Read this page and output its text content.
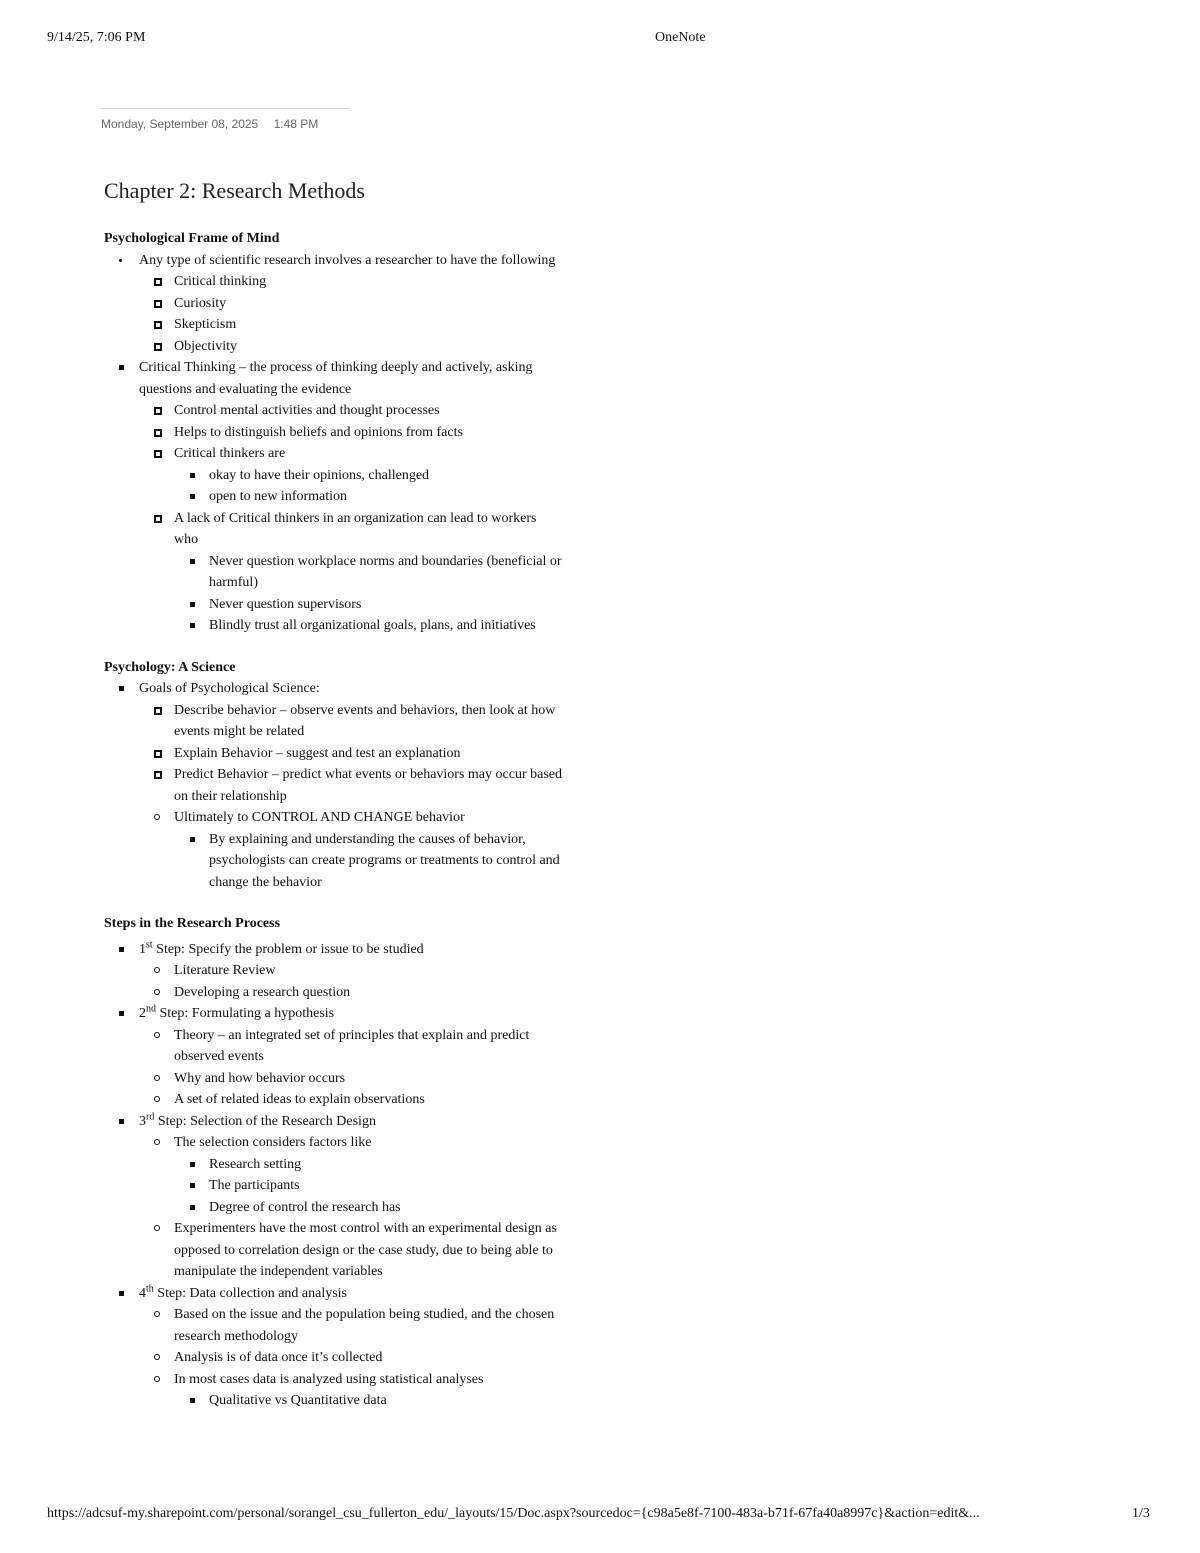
9/14/25, 7:06 PM	OneNote
Monday, September 08, 2025 1:48 PM
Chapter 2: Research Methods

Psychological Frame of Mind

Any type of scientific research involves a researcher to have the following
Critical thinking
Curiosity
Skepticism
Objectivity
Critical Thinking – the process of thinking deeply and actively, asking questions and evaluating the evidence
Control mental activities and thought processes
Helps to distinguish beliefs and opinions from facts
Critical thinkers are
okay to have their opinions, challenged
open to new information
A lack of Critical thinkers in an organization can lead to workers who
Never question workplace norms and boundaries (beneficial or harmful)
Never question supervisors
Blindly trust all organizational goals, plans, and initiatives

Psychology: A Science

Goals of Psychological Science:
Describe behavior – observe events and behaviors, then look at how events might be related
Explain Behavior – suggest and test an explanation
Predict Behavior – predict what events or behaviors may occur based on their relationship
Ultimately to CONTROL AND CHANGE behavior
By explaining and understanding the causes of behavior, psychologists can create programs or treatments to control and change the behavior

Steps in the Research Process

1st Step: Specify the problem or issue to be studied
Literature Review
Developing a research question
2nd Step: Formulating a hypothesis
Theory – an integrated set of principles that explain and predict observed events
Why and how behavior occurs
A set of related ideas to explain observations
3rd Step: Selection of the Research Design
The selection considers factors like
Research setting
The participants
Degree of control the research has
Experimenters have the most control with an experimental design as opposed to correlation design or the case study, due to being able to manipulate the independent variables
4th Step: Data collection and analysis
Based on the issue and the population being studied, and the chosen research methodology
Analysis is of data once it’s collected
In most cases data is analyzed using statistical analyses
Qualitative vs Quantitative data
https://adcsuf-my.sharepoint.com/personal/sorangel_csu_fullerton_edu/_layouts/15/Doc.aspx?sourcedoc={c98a5e8f-7100-483a-b71f-67fa40a8997c}&action=edit&...	1/3
